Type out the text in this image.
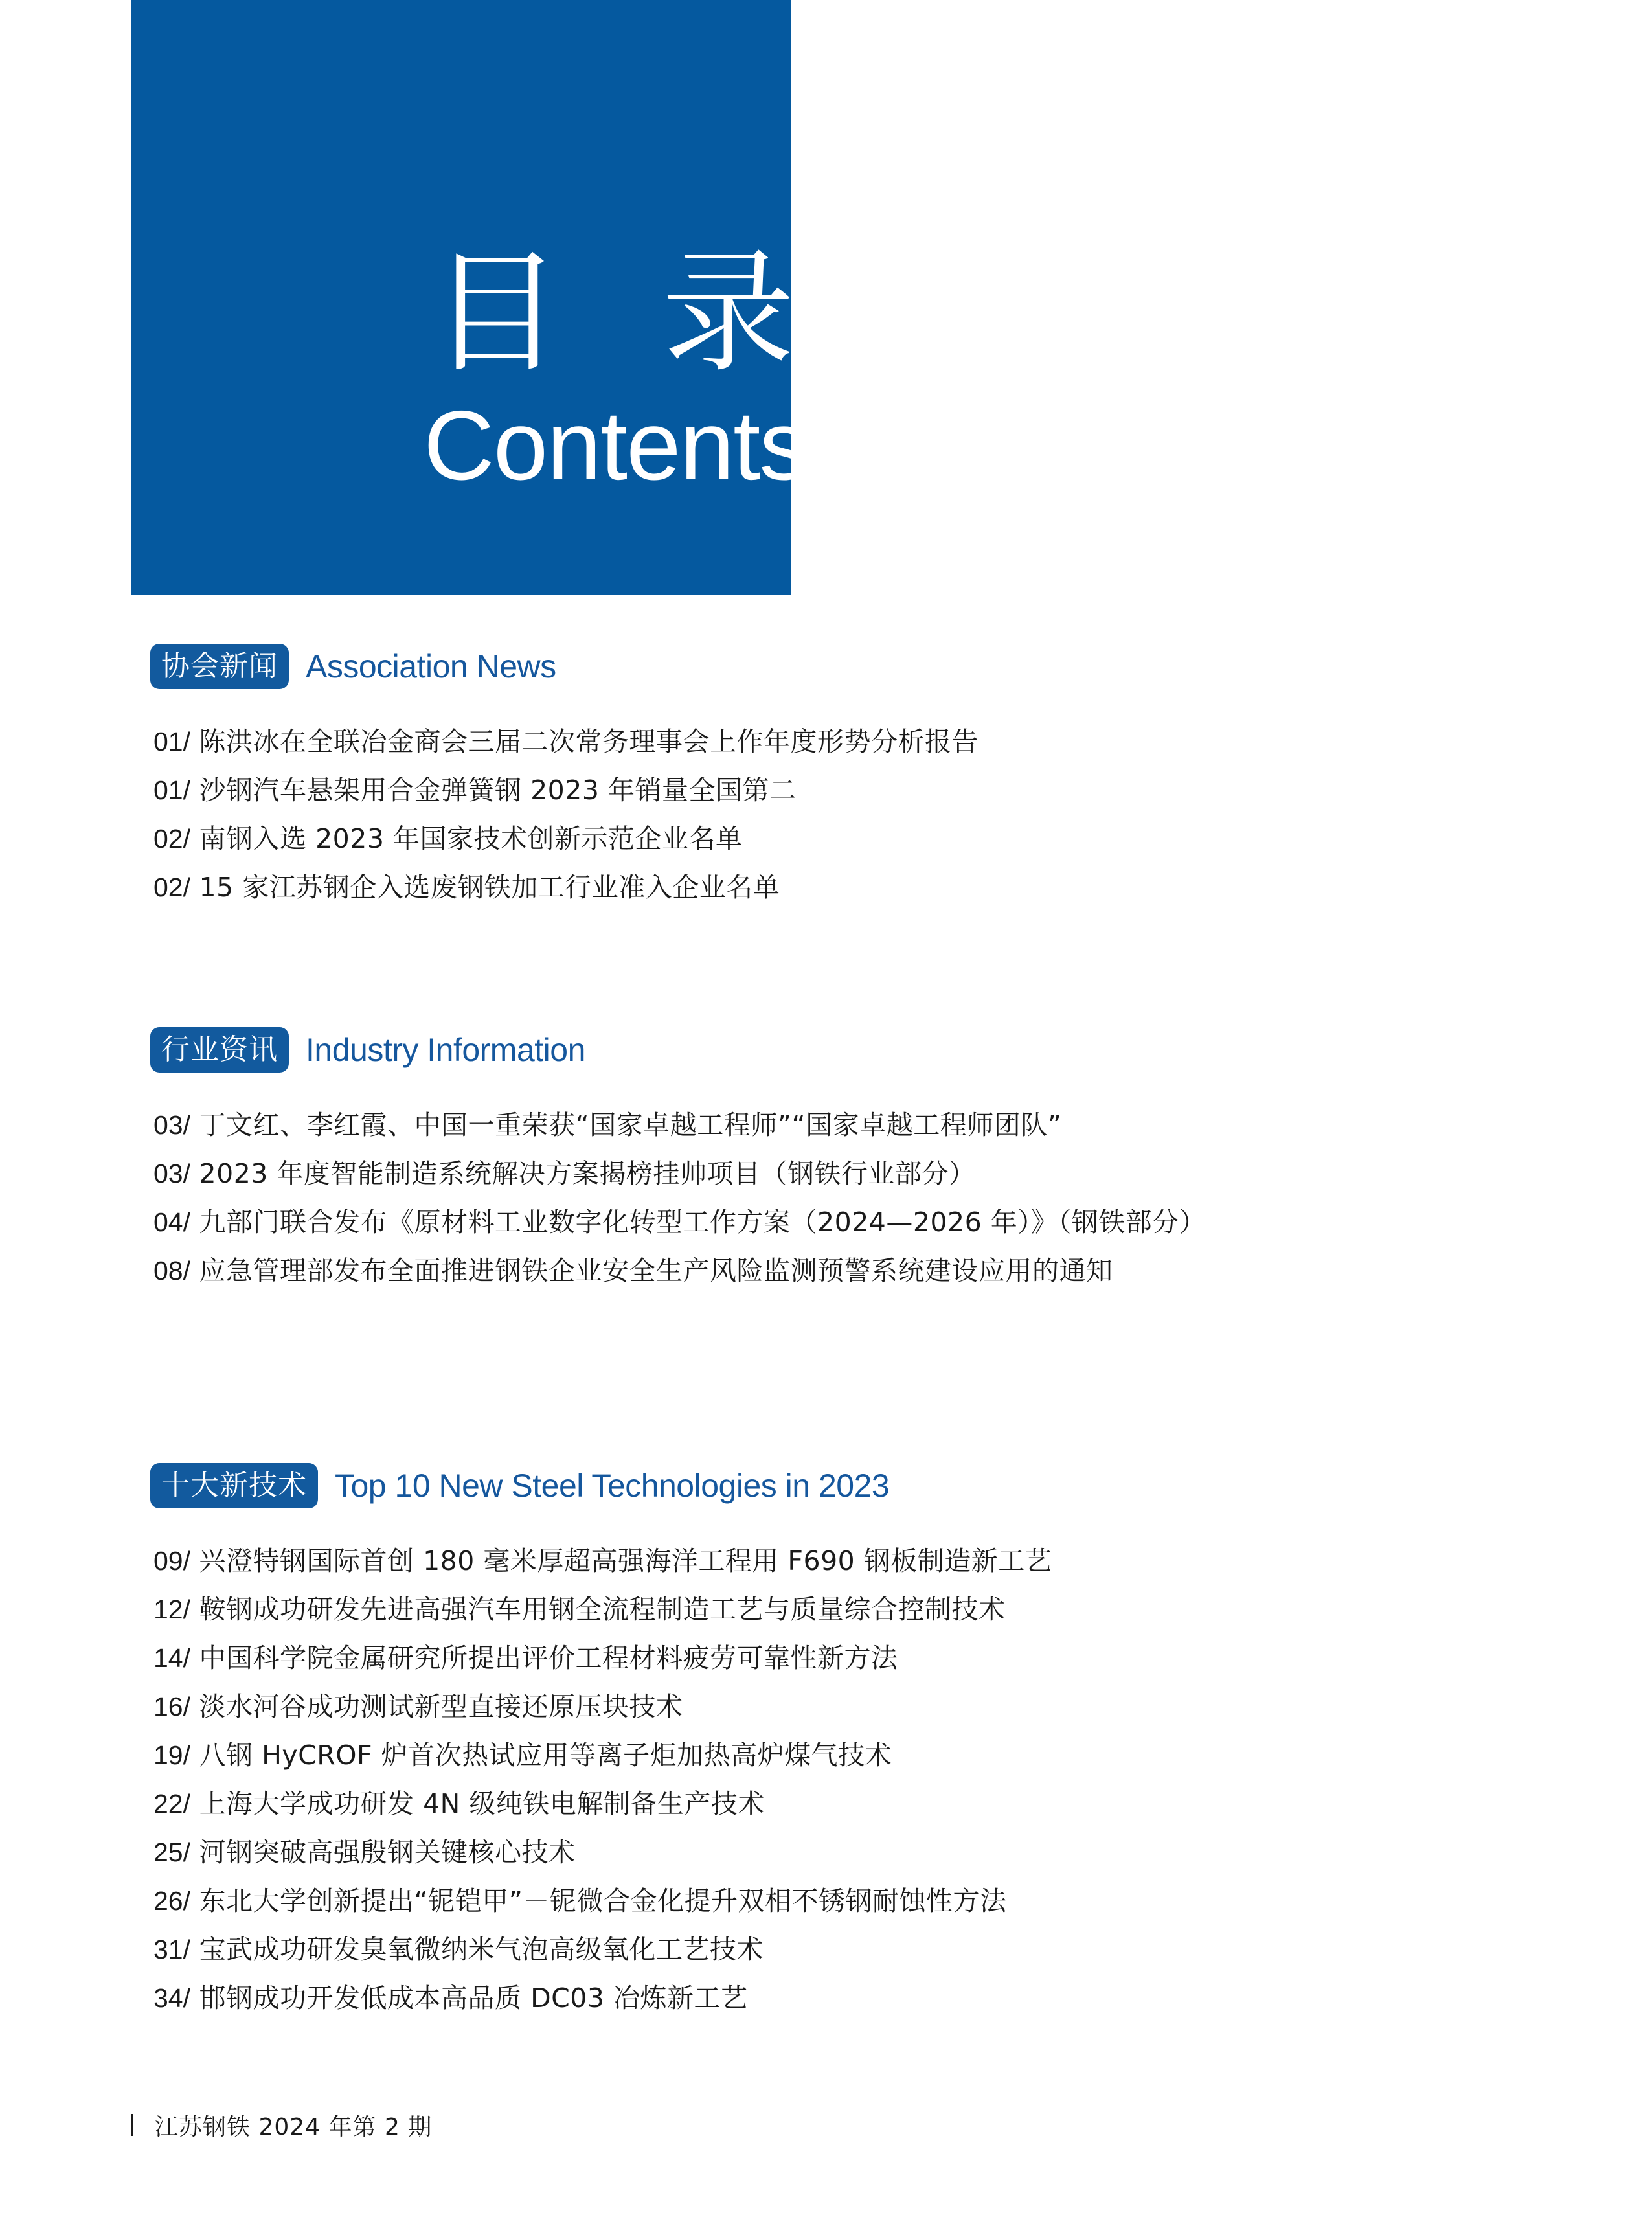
目 录
Contents
协会新闻 Association News
01/ 陈洪冰在全联冶金商会三届二次常务理事会上作年度形势分析报告
01/ 沙钢汽车悬架用合金弹簧钢 2023 年销量全国第二
02/ 南钢入选 2023 年国家技术创新示范企业名单
02/ 15 家江苏钢企入选废钢铁加工行业准入企业名单
行业资讯 Industry Information
03/ 丁文红、李红霞、中国一重荣获“国家卓越工程师”“国家卓越工程师团队”
03/ 2023 年度智能制造系统解决方案揭榜挂帅项目（钢铁行业部分）
04/ 九部门联合发布《原材料工业数字化转型工作方案（2024—2026 年）》（钢铁部分）
08/ 应急管理部发布全面推进钢铁企业安全生产风险监测预警系统建设应用的通知
十大新技术 Top 10 New Steel Technologies in 2023
09/ 兴澄特钢国际首创 180 毫米厚超高强海洋工程用 F690 钢板制造新工艺
12/ 鞍钢成功研发先进高强汽车用钢全流程制造工艺与质量综合控制技术
14/ 中国科学院金属研究所提出评价工程材料疲劳可靠性新方法
16/ 淡水河谷成功测试新型直接还原压块技术
19/ 八钢 HyCROF 炉首次热试应用等离子炬加热高炉煤气技术
22/ 上海大学成功研发 4N 级纯铁电解制备生产技术
25/ 河钢突破高强殷钢关键核心技术
26/ 东北大学创新提出“铌铠甲”－铌微合金化提升双相不锈钢耐蚀性方法
31/ 宝武成功研发臭氧微纳米气泡高级氧化工艺技术
34/ 邯钢成功开发低成本高品质 DC03 冶炼新工艺
江苏钢铁 2024 年第 2 期
